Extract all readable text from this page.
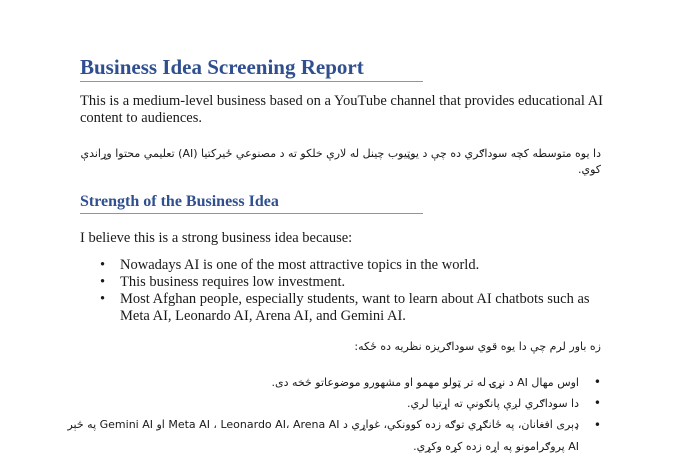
Business Idea Screening Report
This is a medium-level business based on a YouTube channel that provides educational AI content to audiences.
دا یوه متوسطه کچه سوداګري ده چې د یوټیوب چینل له لارې خلکو ته د مصنوعي ځیرکتیا (AI) تعلیمي محتوا وړاندې کوي.
Strength of the Business Idea
I believe this is a strong business idea because:
• Nowadays AI is one of the most attractive topics in the world.
• This business requires low investment.
• Most Afghan people, especially students, want to learn about AI chatbots such as Meta AI, Leonardo AI, Arena AI, and Gemini AI.
زه باور لرم چې دا یوه قوي سوداګریزه نظریه ده ځکه:
•
اوس مهال AI د نړۍ له تر ټولو مهمو او مشهورو موضوعاتو څخه دی.
•
دا سوداګري لږې پانګونې ته اړتیا لري.
•
ډېری افغانان، په ځانګړي توګه زده کوونکي، غواړي د Meta AI ، Leonardo AI، Arena AI او Gemini AI په څېر AI پروګرامونو په اړه زده کړه وکړي.
